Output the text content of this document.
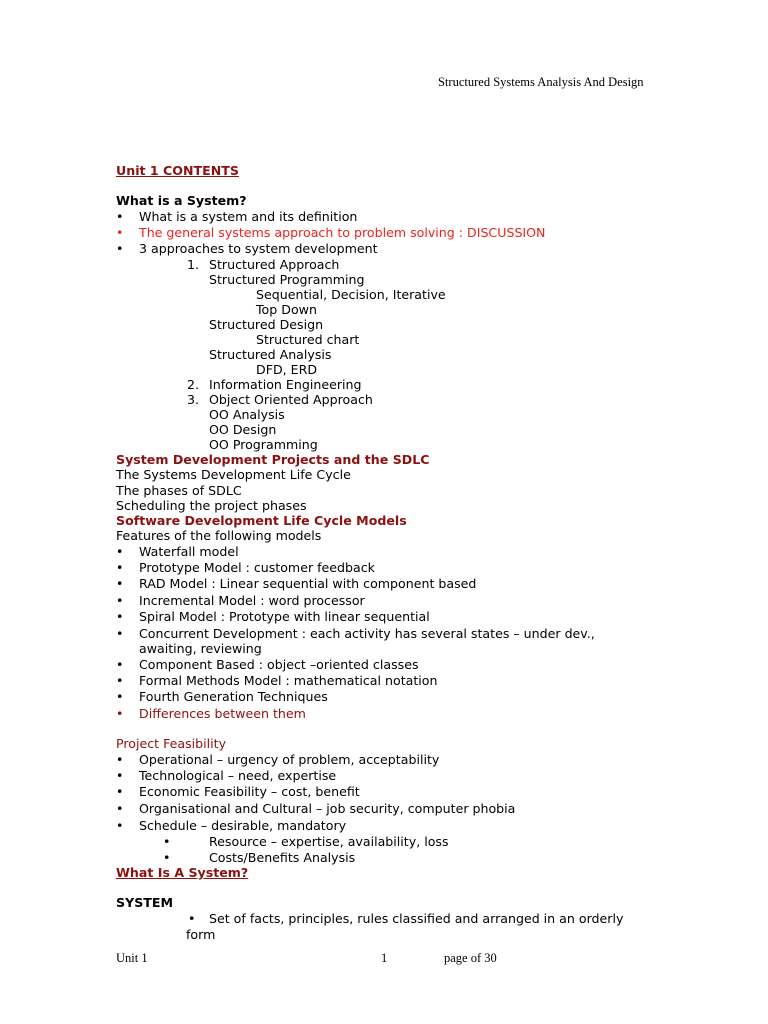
Structured Systems Analysis And Design
Unit 1 CONTENTS
What is a System?
• What is a system and its definition
• The general systems approach to problem solving : DISCUSSION
• 3 approaches to system development
1. Structured Approach
Structured Programming
Sequential, Decision, Iterative
Top Down
Structured Design
Structured chart
Structured Analysis
DFD, ERD
2. Information Engineering
3. Object Oriented Approach
OO Analysis
OO Design
OO Programming
System Development Projects and the SDLC
The Systems Development Life Cycle
The phases of SDLC
Scheduling the project phases
Software Development Life Cycle Models
Features of the following models
• Waterfall model
• Prototype Model : customer feedback
• RAD Model : Linear sequential with component based
• Incremental Model : word processor
• Spiral Model : Prototype with linear sequential
• Concurrent Development : each activity has several states – under dev.,
awaiting, reviewing
• Component Based : object –oriented classes
• Formal Methods Model : mathematical notation
• Fourth Generation Techniques
• Differences between them
Project Feasibility
• Operational – urgency of problem, acceptability
• Technological – need, expertise
• Economic Feasibility – cost, benefit
• Organisational and Cultural – job security, computer phobia
• Schedule – desirable, mandatory
•	Resource – expertise, availability, loss
•	Costs/Benefits Analysis
What Is A System?
SYSTEM
• Set of facts, principles, rules classified and arranged in an orderly
form
Unit 1	1	page of 30
